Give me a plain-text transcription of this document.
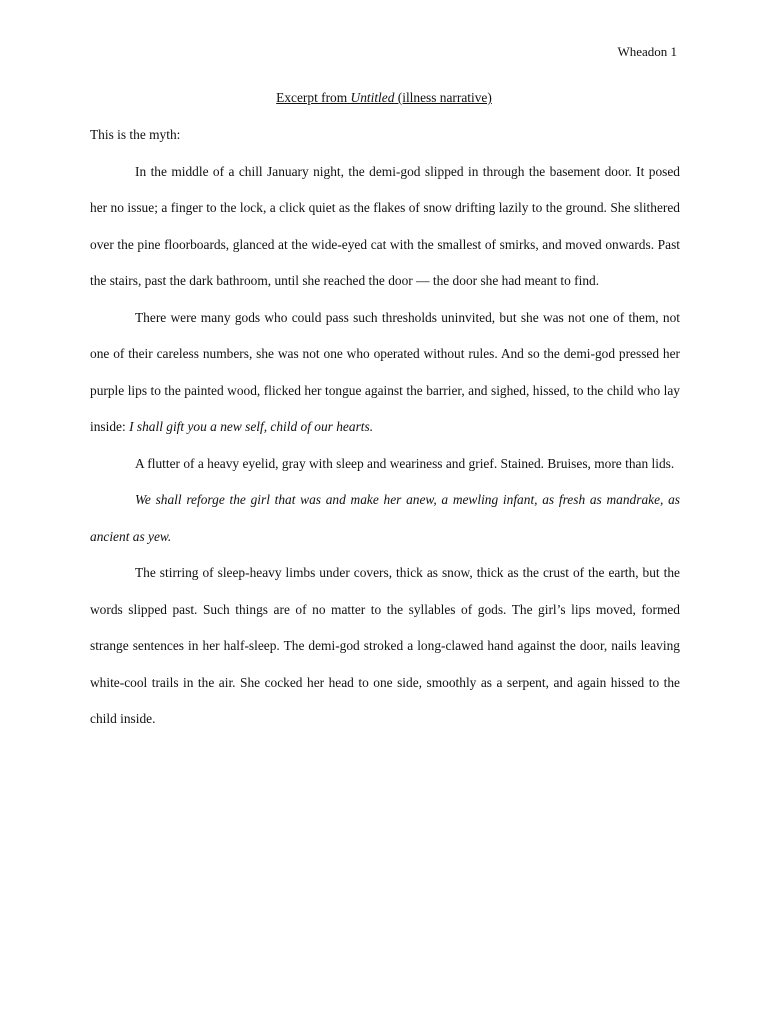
Wheadon 1
Excerpt from Untitled (illness narrative)

This is the myth:

In the middle of a chill January night, the demi-god slipped in through the basement door. It posed her no issue; a finger to the lock, a click quiet as the flakes of snow drifting lazily to the ground. She slithered over the pine floorboards, glanced at the wide-eyed cat with the smallest of smirks, and moved onwards. Past the stairs, past the dark bathroom, until she reached the door — the door she had meant to find.

There were many gods who could pass such thresholds uninvited, but she was not one of them, not one of their careless numbers, she was not one who operated without rules. And so the demi-god pressed her purple lips to the painted wood, flicked her tongue against the barrier, and sighed, hissed, to the child who lay inside: I shall gift you a new self, child of our hearts.

A flutter of a heavy eyelid, gray with sleep and weariness and grief. Stained. Bruises, more than lids.

We shall reforge the girl that was and make her anew, a mewling infant, as fresh as mandrake, as ancient as yew.

The stirring of sleep-heavy limbs under covers, thick as snow, thick as the crust of the earth, but the words slipped past. Such things are of no matter to the syllables of gods. The girl’s lips moved, formed strange sentences in her half-sleep. The demi-god stroked a long-clawed hand against the door, nails leaving white-cool trails in the air. She cocked her head to one side, smoothly as a serpent, and again hissed to the child inside.
